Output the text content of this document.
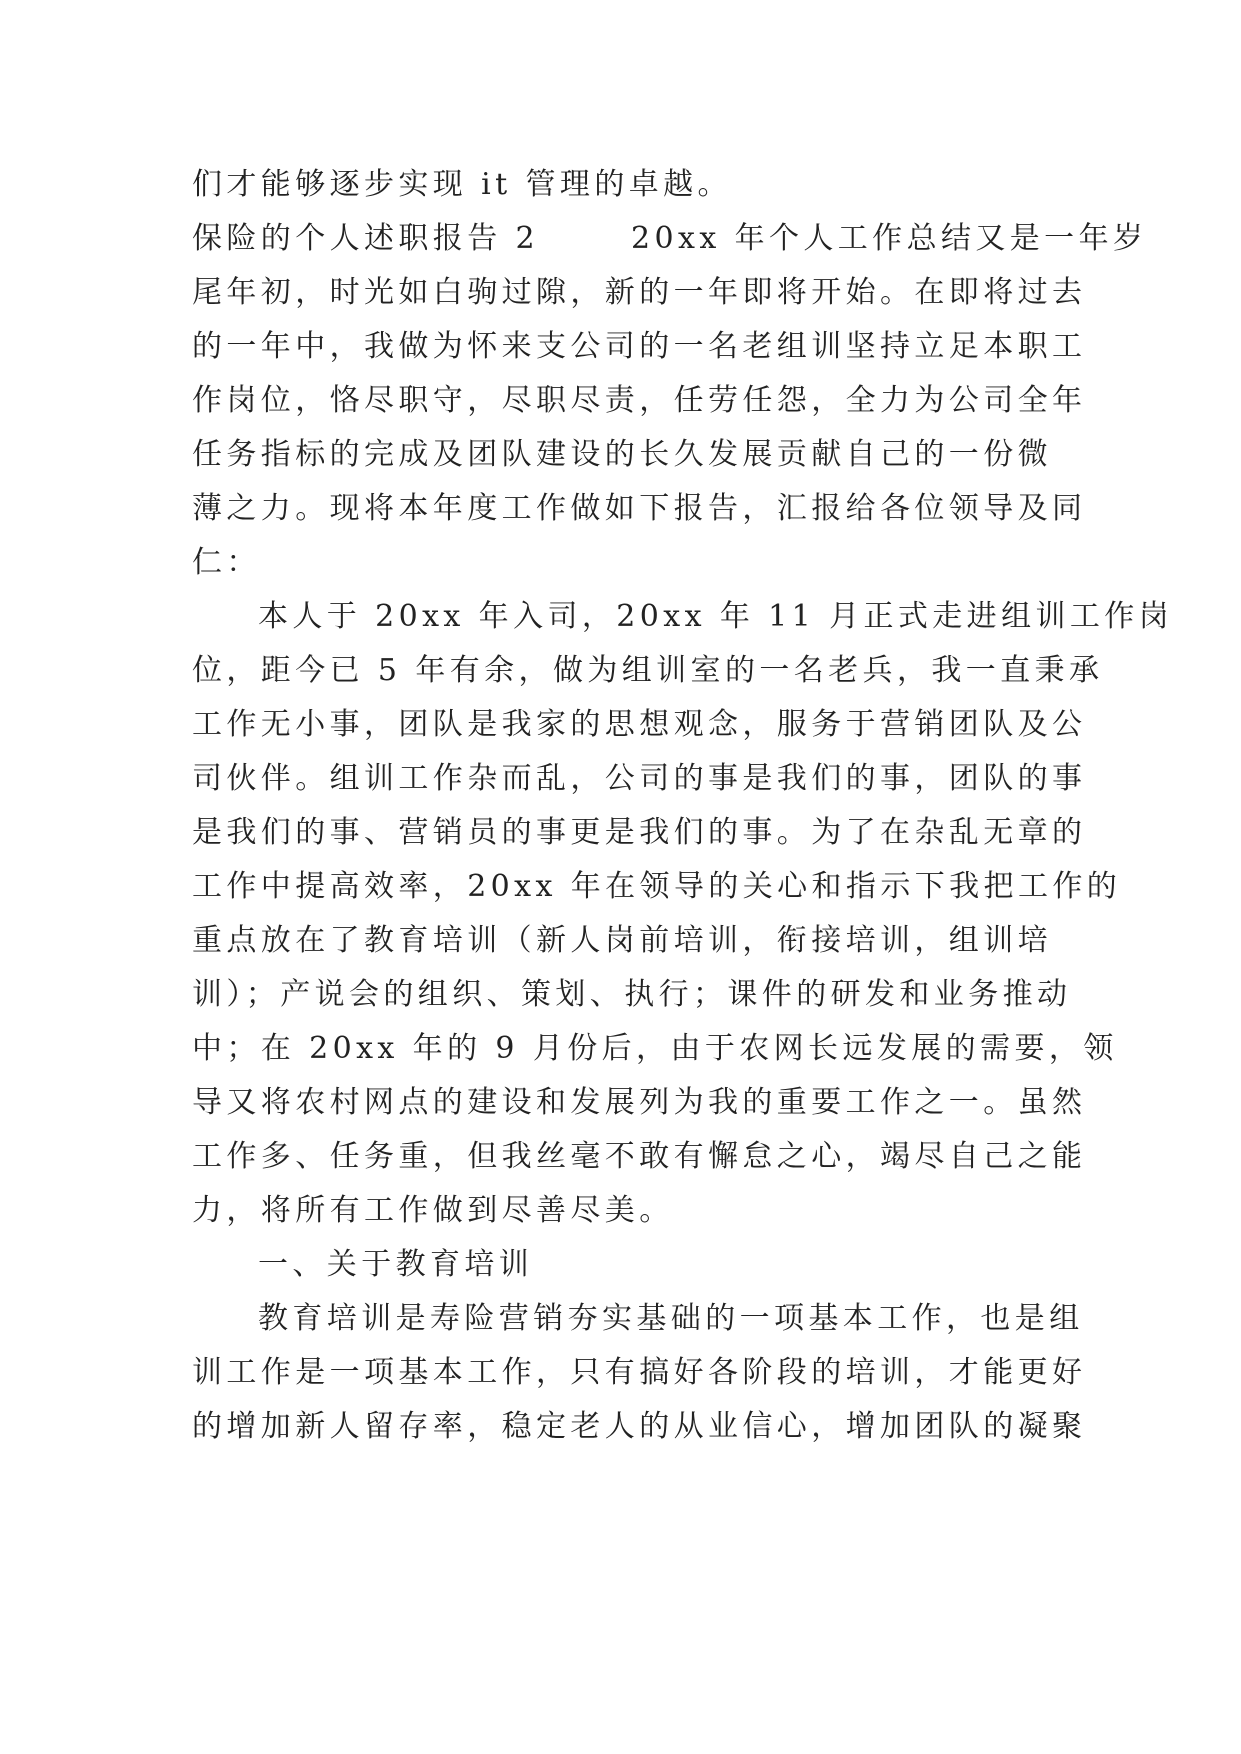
们才能够逐步实现 it 管理的卓越。
保险的个人述职报告 2	20xx 年个人工作总结又是一年岁
尾年初，时光如白驹过隙，新的一年即将开始。在即将过去
的一年中，我做为怀来支公司的一名老组训坚持立足本职工
作岗位，恪尽职守，尽职尽责，任劳任怨，全力为公司全年
任务指标的完成及团队建设的长久发展贡献自己的一份微
薄之力。现将本年度工作做如下报告，汇报给各位领导及同
仁：
本人于 20xx 年入司，20xx 年 11 月正式走进组训工作岗
位，距今已 5 年有余，做为组训室的一名老兵，我一直秉承
工作无小事，团队是我家的思想观念，服务于营销团队及公
司伙伴。组训工作杂而乱，公司的事是我们的事，团队的事
是我们的事、营销员的事更是我们的事。为了在杂乱无章的
工作中提高效率，20xx 年在领导的关心和指示下我把工作的
重点放在了教育培训（新人岗前培训，衔接培训，组训培
训）；产说会的组织、策划、执行；课件的研发和业务推动
中；在 20xx 年的 9 月份后，由于农网长远发展的需要，领
导又将农村网点的建设和发展列为我的重要工作之一。虽然
工作多、任务重，但我丝毫不敢有懈怠之心，竭尽自己之能
力，将所有工作做到尽善尽美。
一、关于教育培训
教育培训是寿险营销夯实基础的一项基本工作，也是组
训工作是一项基本工作，只有搞好各阶段的培训，才能更好
的增加新人留存率，稳定老人的从业信心，增加团队的凝聚
